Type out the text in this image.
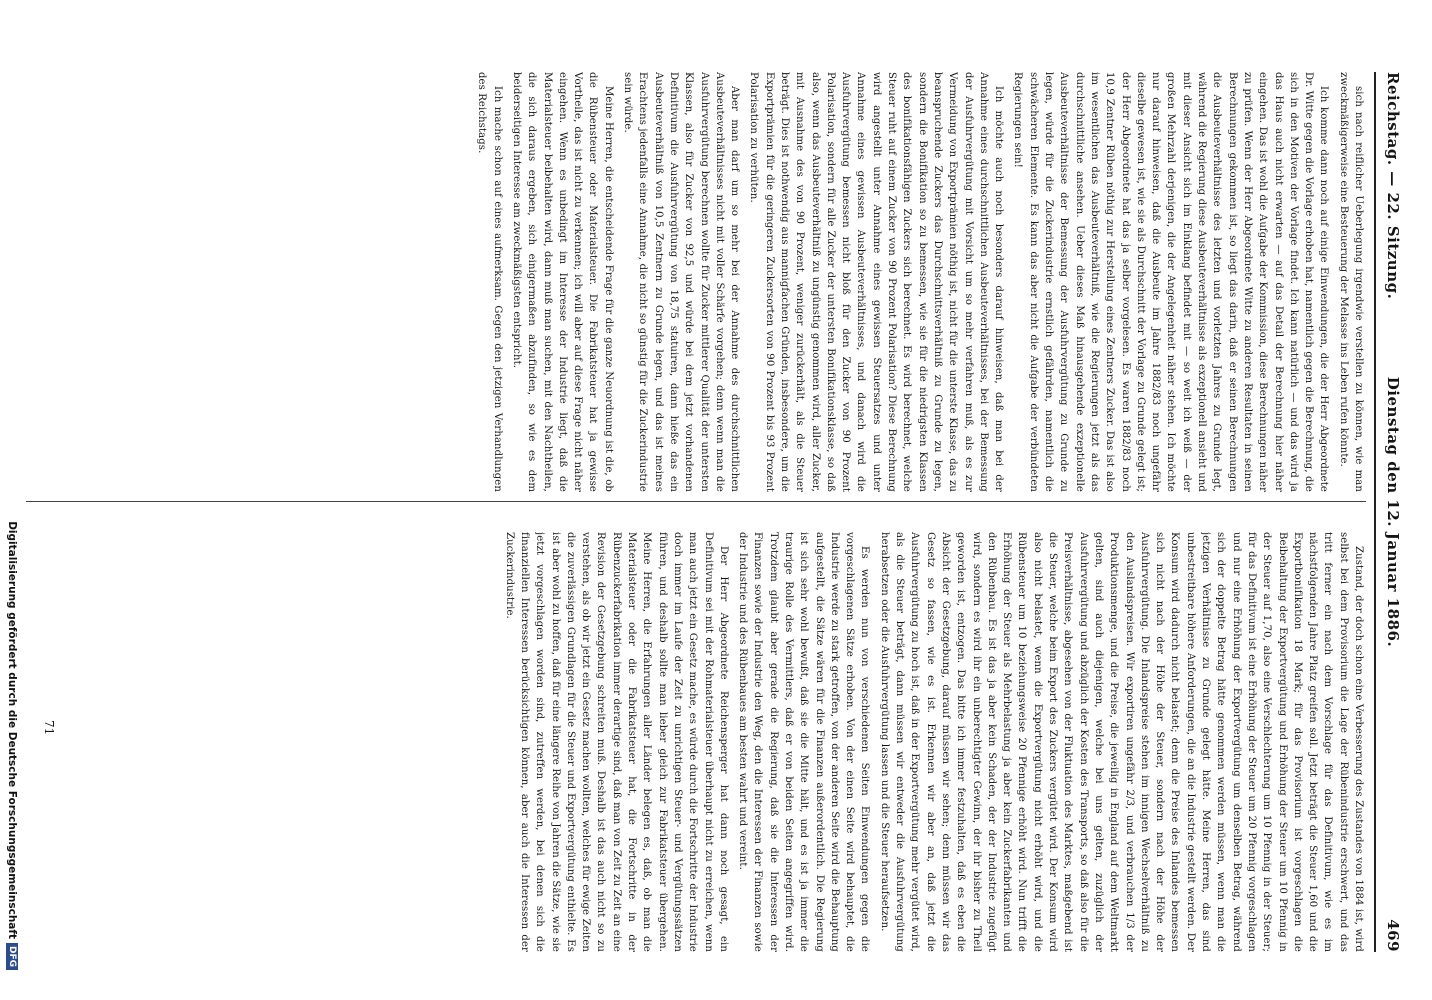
Reichstag. — 22. Sitzung.
Dienstag den 12. Januar 1886.
469

sich nach reiflicher Ueberlegung irgendwie verstellen zu können, wie man zweckmäßigerweise eine Besteuerung der Melasse ins Leben rufen könnte.

Ich komme dann noch auf einige Einwendungen, die der Herr Abgeordnete Dr. Witte gegen die Vorlage erhoben hat, namentlich gegen die Berechnung, die sich in den Motiven der Vorlage findet. Ich kann natürlich — und das wird ja das Haus auch nicht erwarten — auf das Detail der Berechnung hier näher eingehen. Das ist wohl die Aufgabe der Kommission, diese Berechnungen näher zu prüfen. Wenn der Herr Abgeordnete Witte zu anderen Resultaten in seinen Berechnungen gekommen ist, so liegt das darin, daß er seinen Berechnungen die Ausbeuteverhältnisse des letzten und vorletzten Jahres zu Grunde legt, während die Regierung diese Ausbeuteverhältnisse als exzeptionell ansieht und mit dieser Ansicht sich im Einklang befindet mit — so weit ich weiß — der großen Mehrzahl derjenigen, die der Angelegenheit näher stehen. Ich möchte nur darauf hinweisen, daß die Ausbeute im Jahre 1882/83 noch ungefähr dieselbe gewesen ist, wie sie als Durchschnitt der Vorlage zu Grunde gelegt ist; der Herr Abgeordnete hat das ja selber vorgelesen. Es waren 1882/83 noch 10,9 Zentner Rüben nöthig zur Herstellung eines Zentners Zucker. Das ist also im wesentlichen das Ausbeuteverhältniß, wie die Regierungen jetzt als das durchschnittliche ansehen. Ueber dieses Maß hinausgehende exzeptionelle Ausbeuteverhältnisse der Bemessung der Ausfuhrvergütung zu Grunde zu legen, würde für die Zuckerindustrie ernstlich gefährden, namentlich die schwächeren Elemente. Es kann das aber nicht die Aufgabe der verbündeten Regierungen sein!

Ich möchte auch noch besonders darauf hinweisen, daß man bei der Annahme eines durchschnittlichen Ausbeuteverhältnisses, bei der Bemessung der Ausfuhrvergütung mit Vorsicht um so mehr verfahren muß, als es zur Vermeidung von Exportprämien nöthig ist, nicht für die unterste Klasse, das zu beanspruchende Zuckers das Durchschnittsverhältniß zu Grunde zu legen, sondern die Bonifikation so zu bemessen, wie sie für die niedrigsten Klassen des bonifikationsfähigen Zuckers sich berechnet. Es wird berechnet, welche Steuer ruht auf einem Zucker von 90 Prozent Polarisation? Diese Berechnung wird angestellt unter Annahme eines gewissen Steuersatzes und unter Annahme eines gewissen Ausbeuteverhältnisses, und danach wird die Ausfuhrvergütung bemessen nicht bloß für den Zucker von 90 Prozent Polarisation, sondern für alle Zucker der untersten Bonifikationsklasse, so daß also, wenn das Ausbeuteverhältniß zu ungünstig genommen wird, aller Zucker, mit Ausnahme des von 90 Prozent, weniger zurückerhält, als die Steuer beträgt. Dies ist nothwendig aus mannigfachen Gründen, insbesondere, um die Exportprämien für die geringeren Zuckersorten von 90 Prozent bis 93 Prozent Polarisation zu verhüten.

Aber man darf um so mehr bei der Annahme des durchschnittlichen Ausbeuteverhältnisses nicht mit voller Schärfe vorgehen; denn wenn man die Ausfuhrvergütung berechnen wollte für Zucker mittlerer Qualität der untersten Klassen, also für Zucker von 92,5 und würde bei dem jetzt vorhandenen Definitivum die Ausfuhrvergütung von 18,75 statuiren, dann hieße das ein Ausbeuteverhältniß von 10,5 Zentnern zu Grunde legen, und das ist meines Erachtens jedenfalls eine Annahme, die nicht so günstig für die Zuckerindustrie sein würde.

Meine Herren, die entscheidende Frage für die ganze Neuordnung ist die, ob die Rübensteuer oder Materialsteuer. Die Fabrikatsteuer hat ja gewisse Vortheile, das ist nicht zu verkennen; ich will aber auf diese Frage nicht näher eingehen. Wenn es unbedingt im Interesse der Industrie liegt, daß die Materialsteuer beibehalten wird, dann muß man suchen, mit den Nachtheilen, die sich daraus ergeben, sich einigermaßen abzufinden, so wie es dem beiderseitigen Interesse am zweckmäßigsten entspricht.

Ich mache schon auf eines aufmerksam. Gegen den jetzigen Verhandlungen des Reichstags.

Zustand, der doch schon eine Verbesserung des Zustandes von 1884 ist, wird selbst bei dem Provisorium die Lage der Rübenindustrie erschwert, und das tritt ferner ein nach dem Vorschlage für das Definitivum, wie es im nächstfolgenden Jahre Platz greifen soll. Jetzt beträgt die Steuer 1,60 und die Exportbonifikation 18 Mark; für das Provisorium ist vorgeschlagen die Beibehaltung der Exportvergütung und Erhöhung der Steuer um 10 Pfennig in der Steuer auf 1,70, also eine Verschlechterung um 10 Pfennig in der Steuer; für das Definitivum ist eine Erhöhung der Steuer um 20 Pfennig vorgeschlagen und nur eine Erhöhung der Exportvergütung um denselben Betrag, während sich der doppelte Betrag hätte genommen werden müssen, wenn man die jetzigen Verhältnisse zu Grunde gelegt hätte. Meine Herren, das sind unbestreitbare höhere Anforderungen, die an die Industrie gestellt werden. Der Konsum wird dadurch nicht belastet; denn die Preise des Inlandes bemessen sich nicht nach der Höhe der Steuer, sondern nach der Höhe der Ausfuhrvergütung. Die Inlandspreise stehen im innigen Wechselverhältniß zu den Auslandspreisen. Wir exportiren ungefähr 2/3, und verbrauchen 1/3 der Produktionsmenge, und die Preise, die jeweilig in England auf dem Weltmarkt gelten, sind auch diejenigen, welche bei uns gelten, zuzüglich der Ausfuhrvergütung und abzüglich der Kosten des Transports, so daß also für die Preisverhältnisse, abgesehen von der Fluktuation des Marktes, maßgebend ist die Steuer, welche beim Export des Zuckers vergütet wird. Der Konsum wird also nicht belastet, wenn die Exportvergütung nicht erhöht wird, und die Rübensteuer um 10 beziehungsweise 20 Pfennige erhöht wird. Nun trifft die Erhöhung der Steuer als Mehrbelastung ja aber kein Zuckerfabrikanten und den Rübenbau. Es ist das ja aber kein Schaden, der der Industrie zugefügt wird, sondern es wird ihr ein unberechtigter Gewinn, der ihr bisher zu Theil geworden ist, entzogen. Das bitte ich immer festzuhalten, daß es eben die Absicht der Gesetzgebung, darauf müssen wir sehen; denn müssen wir das Gesetz so fassen, wie es ist. Erkennen wir aber an, daß jetzt die Ausfuhrvergütung zu hoch ist, daß in der Exportvergütung mehr vergütet wird, als die Steuer beträgt, dann müssen wir entweder die Ausfuhrvergütung herabsetzen oder die Ausfuhrvergütung lassen und die Steuer heraufsetzen.

Es werden nun von verschiedenen Seiten Einwendungen gegen die vorgeschlagenen Sätze erhoben. Von der einen Seite wird behauptet, die Industrie werde zu stark getroffen, von der anderen Seite wird die Behauptung aufgestellt, die Sätze wären für die Finanzen außerordentlich. Die Regierung ist sich sehr wohl bewußt, daß sie die Mitte hält, und es ist ja immer die traurige Rolle des Vermittlers, daß er von beiden Seiten angegriffen wird. Trotzdem glaubt aber gerade die Regierung, daß sie die Interessen der Finanzen sowie der Industrie den Weg, den die Interessen der Finanzen sowie der Industrie und des Rübenbaues am besten wahrt und vereint.

Der Herr Abgeordnete Reichensperger hat dann noch gesagt, ein Definitivum sei mit der Rohmaterialsteuer überhaupt nicht zu erreichen, wenn man auch jetzt ein Gesetz mache, es würde durch die Fortschritte der Industrie doch immer im Laufe der Zeit zu unrichtigen Steuer- und Vergütungssätzen führen, und deshalb sollte man lieber gleich zur Fabrikatsteuer übergehen. Meine Herren, die Erfahrungen aller Länder belegen es, daß, ob man die Materialsteuer oder die Fabrikatsteuer hat, die Fortschritte in der Rübenzuckerfabrikation immer derartige sind, daß man von Zeit zu Zeit an eine Revision der Gesetzgebung schreiten muß. Deshalb ist das auch nicht so zu verstehen, als ob wir jetzt ein Gesetz machen wollten, welches für ewige Zeiten die zuverlässigen Grundlagen für die Steuer und Exportvergütung enthielte. Es ist aber wohl zu hoffen, daß für eine längere Reihe von Jahren die Sätze, wie sie jetzt vorgeschlagen worden sind, zutreffen werden, bei denen sich die finanziellen Interessen berücksichtigen können, aber auch die Interessen der Zuckerindustrie.

71
Digitalisierung gefördert durch die Deutsche ForschungsgemeinschaftDFG
